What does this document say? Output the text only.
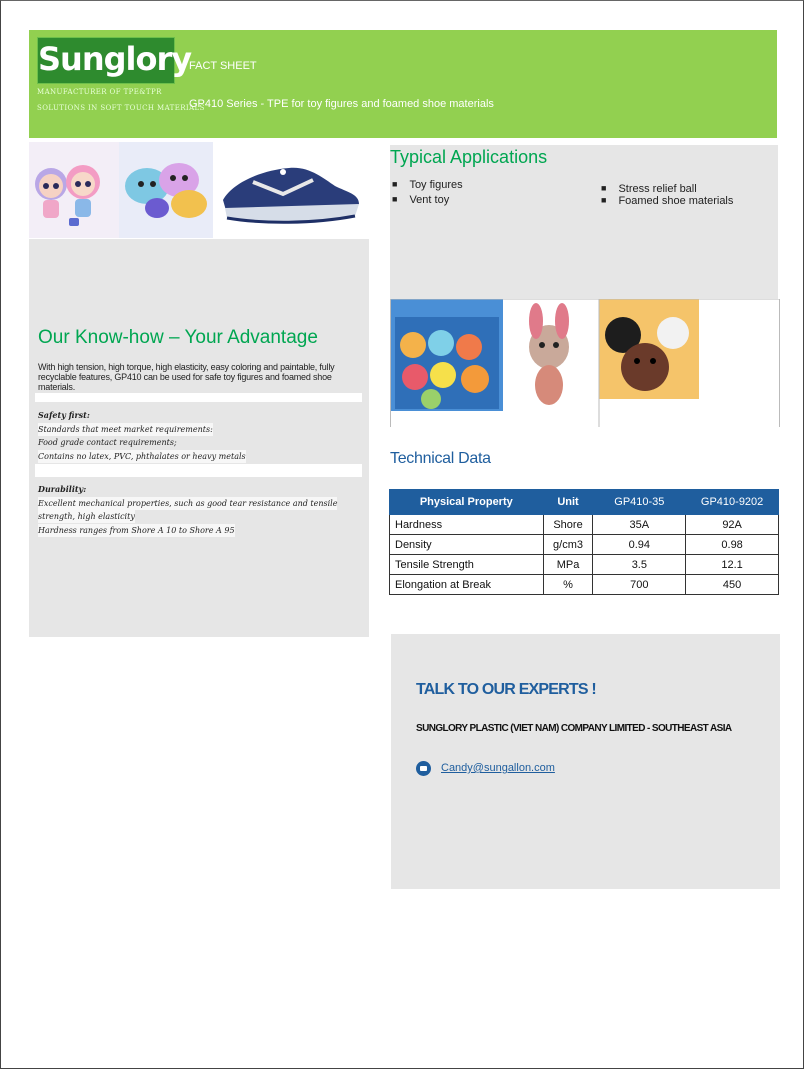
Sunglory
MANUFACTURER OF TPE&TPR
SOLUTIONS IN SOFT TOUCH MATERIALS
FACT SHEET
GP410 Series - TPE for toy figures and foamed shoe materials
Our Know-how – Your Advantage
With high tension, high torque, high elasticity, easy coloring and paintable, fully recyclable features, GP410 can be used for safe toy figures and foamed shoe materials.
Safety first:
Standards that meet market requirements:
Food grade contact requirements;
Contains no latex, PVC, phthalates or heavy metals
Durability:
Excellent mechanical properties, such as good tear resistance and tensile
strength, high elasticity
Hardness ranges from Shore A 10 to Shore A 95
Typical Applications
■ Toy figures
■ Vent toy
■ Stress relief ball
■ Foamed shoe materials
Technical Data
Physical Property	Unit	GP410-35	GP410-9202
Hardness	Shore	35A	92A
Density	g/cm3	0.94	0.98
Tensile Strength	MPa	3.5	12.1
Elongation at Break	%	700	450
TALK TO OUR EXPERTS !
SUNGLORY PLASTIC (VIET NAM) COMPANY LIMITED - SOUTHEAST ASIA
Candy@sungallon.com
